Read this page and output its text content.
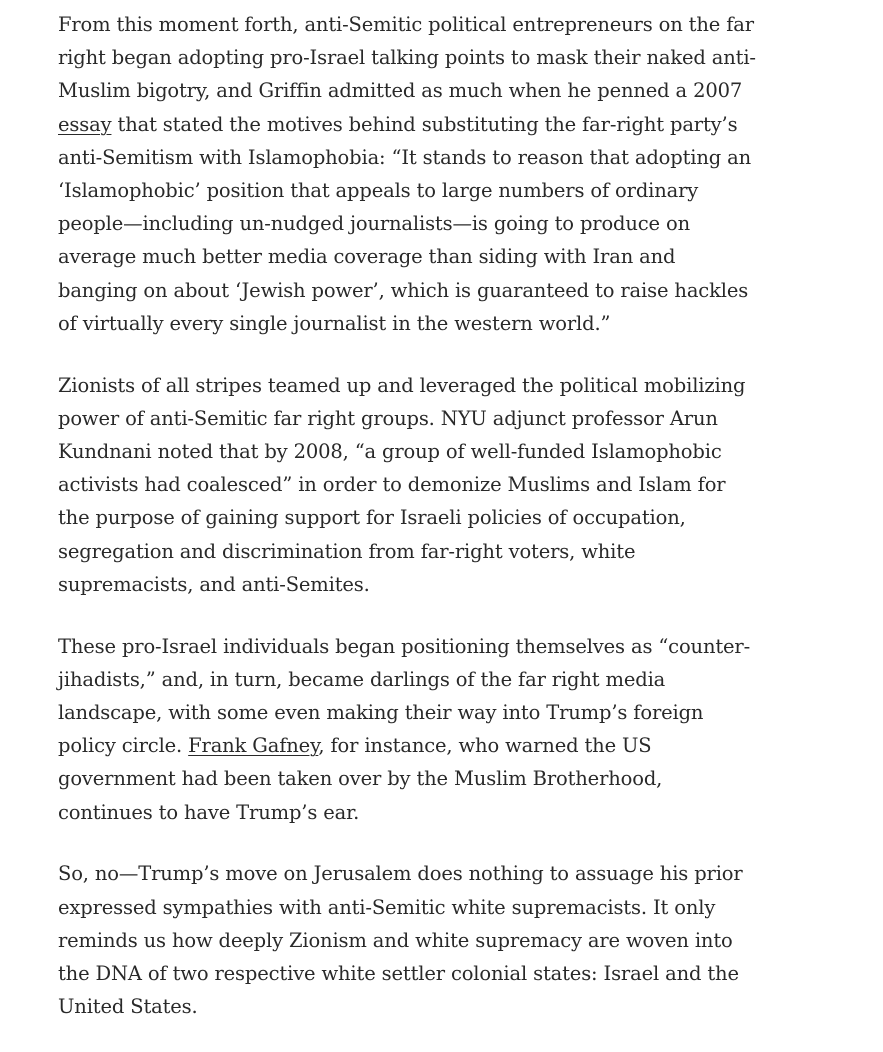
From this moment forth, anti-Semitic political entrepreneurs on the far right began adopting pro-Israel talking points to mask their naked anti-Muslim bigotry, and Griffin admitted as much when he penned a 2007 essay that stated the motives behind substituting the far-right party’s anti-Semitism with Islamophobia: “It stands to reason that adopting an ‘Islamophobic’ position that appeals to large numbers of ordinary people—including un-nudged journalists—is going to produce on average much better media coverage than siding with Iran and banging on about ‘Jewish power’, which is guaranteed to raise hackles of virtually every single journalist in the western world.”

Zionists of all stripes teamed up and leveraged the political mobilizing power of anti-Semitic far right groups. NYU adjunct professor Arun Kundnani noted that by 2008, “a group of well-funded Islamophobic activists had coalesced” in order to demonize Muslims and Islam for the purpose of gaining support for Israeli policies of occupation, segregation and discrimination from far-right voters, white supremacists, and anti-Semites.

These pro-Israel individuals began positioning themselves as “counter-jihadists,” and, in turn, became darlings of the far right media landscape, with some even making their way into Trump’s foreign policy circle. Frank Gafney, for instance, who warned the US government had been taken over by the Muslim Brotherhood, continues to have Trump’s ear.

So, no—Trump’s move on Jerusalem does nothing to assuage his prior expressed sympathies with anti-Semitic white supremacists. It only reminds us how deeply Zionism and white supremacy are woven into the DNA of two respective white settler colonial states: Israel and the United States.
